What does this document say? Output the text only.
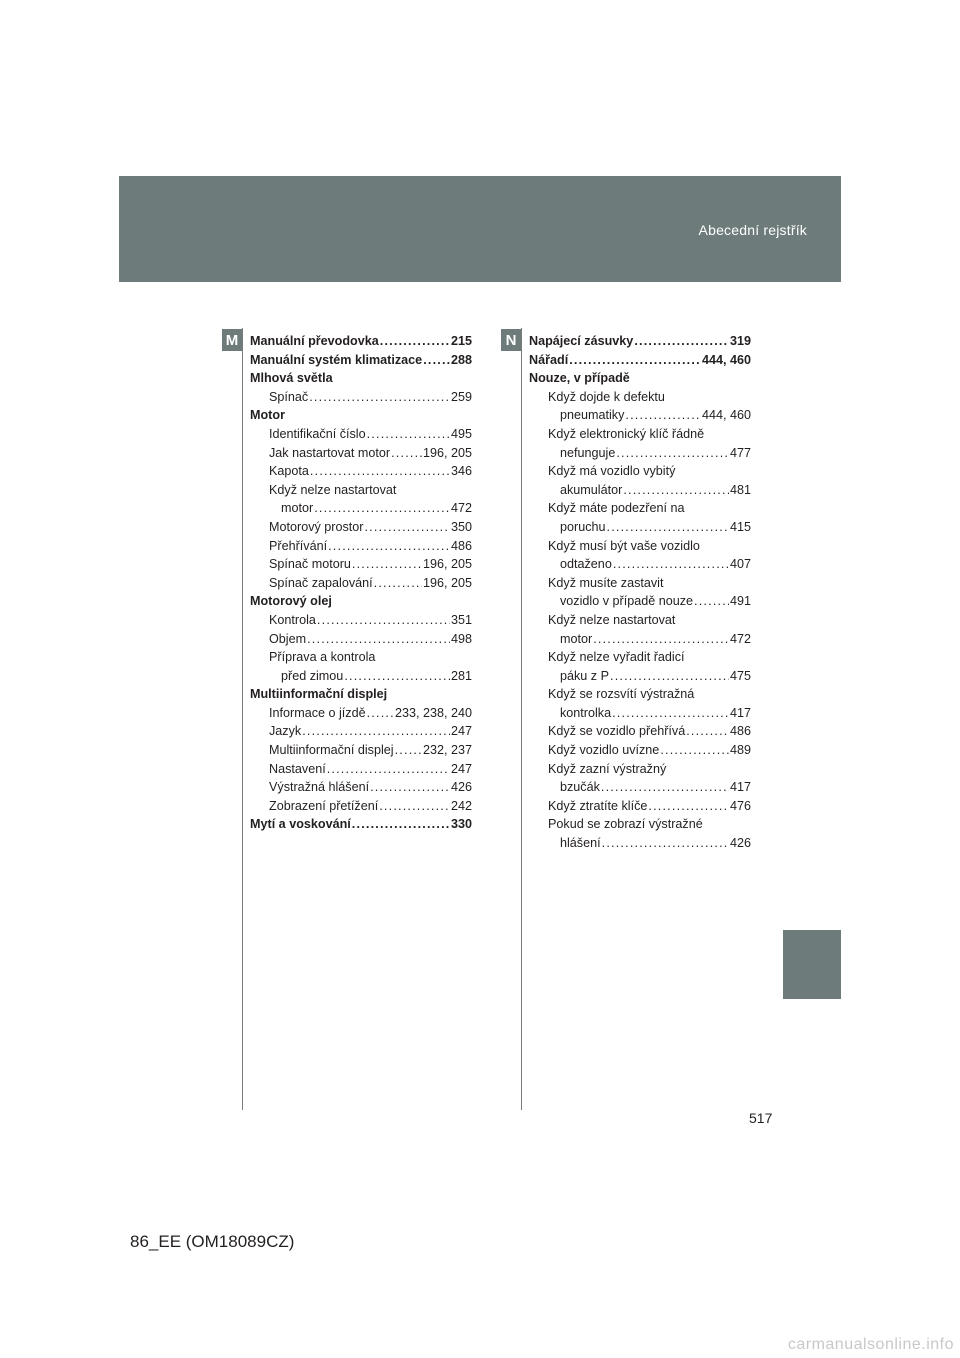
Abecední rejstřík
M	N
Manuální převodovka .....	215
Manuální systém klimatizace ..... 288
Mlhová světla
Spínač .....	259
Motor
Identifikační číslo .....	495
Jak nastartovat motor .....	196, 205
Kapota .....	346
Když nelze nastartovat
motor .....	472
Motorový prostor .....	350
Přehřívání .....	486
Spínač motoru .....	196, 205
Spínač zapalování .....	196, 205
Motorový olej
Kontrola .....	351
Objem .....	498
Příprava a kontrola
před zimou .....	281
Multiinformační displej
Informace o jízdě ..... 233, 238, 240
Jazyk .....	247
Multiinformační displej ..... 232, 237
Nastavení .....	247
Výstražná hlášení .....	426
Zobrazení přetížení .....	242
Mytí a voskování .....	330
Napájecí zásuvky .....	319
Nářadí .....	444, 460
Nouze, v případě
Když dojde k defektu
pneumatiky .....	444, 460
Když elektronický klíč řádně
nefunguje .....	477
Když má vozidlo vybitý
akumulátor .....	481
Když máte podezření na
poruchu .....	415
Když musí být vaše vozidlo
odtaženo .....	407
Když musíte zastavit
vozidlo v případě nouze .....	491
Když nelze nastartovat
motor .....	472
Když nelze vyřadit řadicí
páku z P .....	475
Když se rozsvítí výstražná
kontrolka .....	417
Když se vozidlo přehřívá .....	486
Když vozidlo uvízne .....	489
Když zazní výstražný
bzučák .....	417
Když ztratíte klíče .....	476
Pokud se zobrazí výstražné
hlášení .....	426
517
86_EE (OM18089CZ)
carmanualsonline.info
